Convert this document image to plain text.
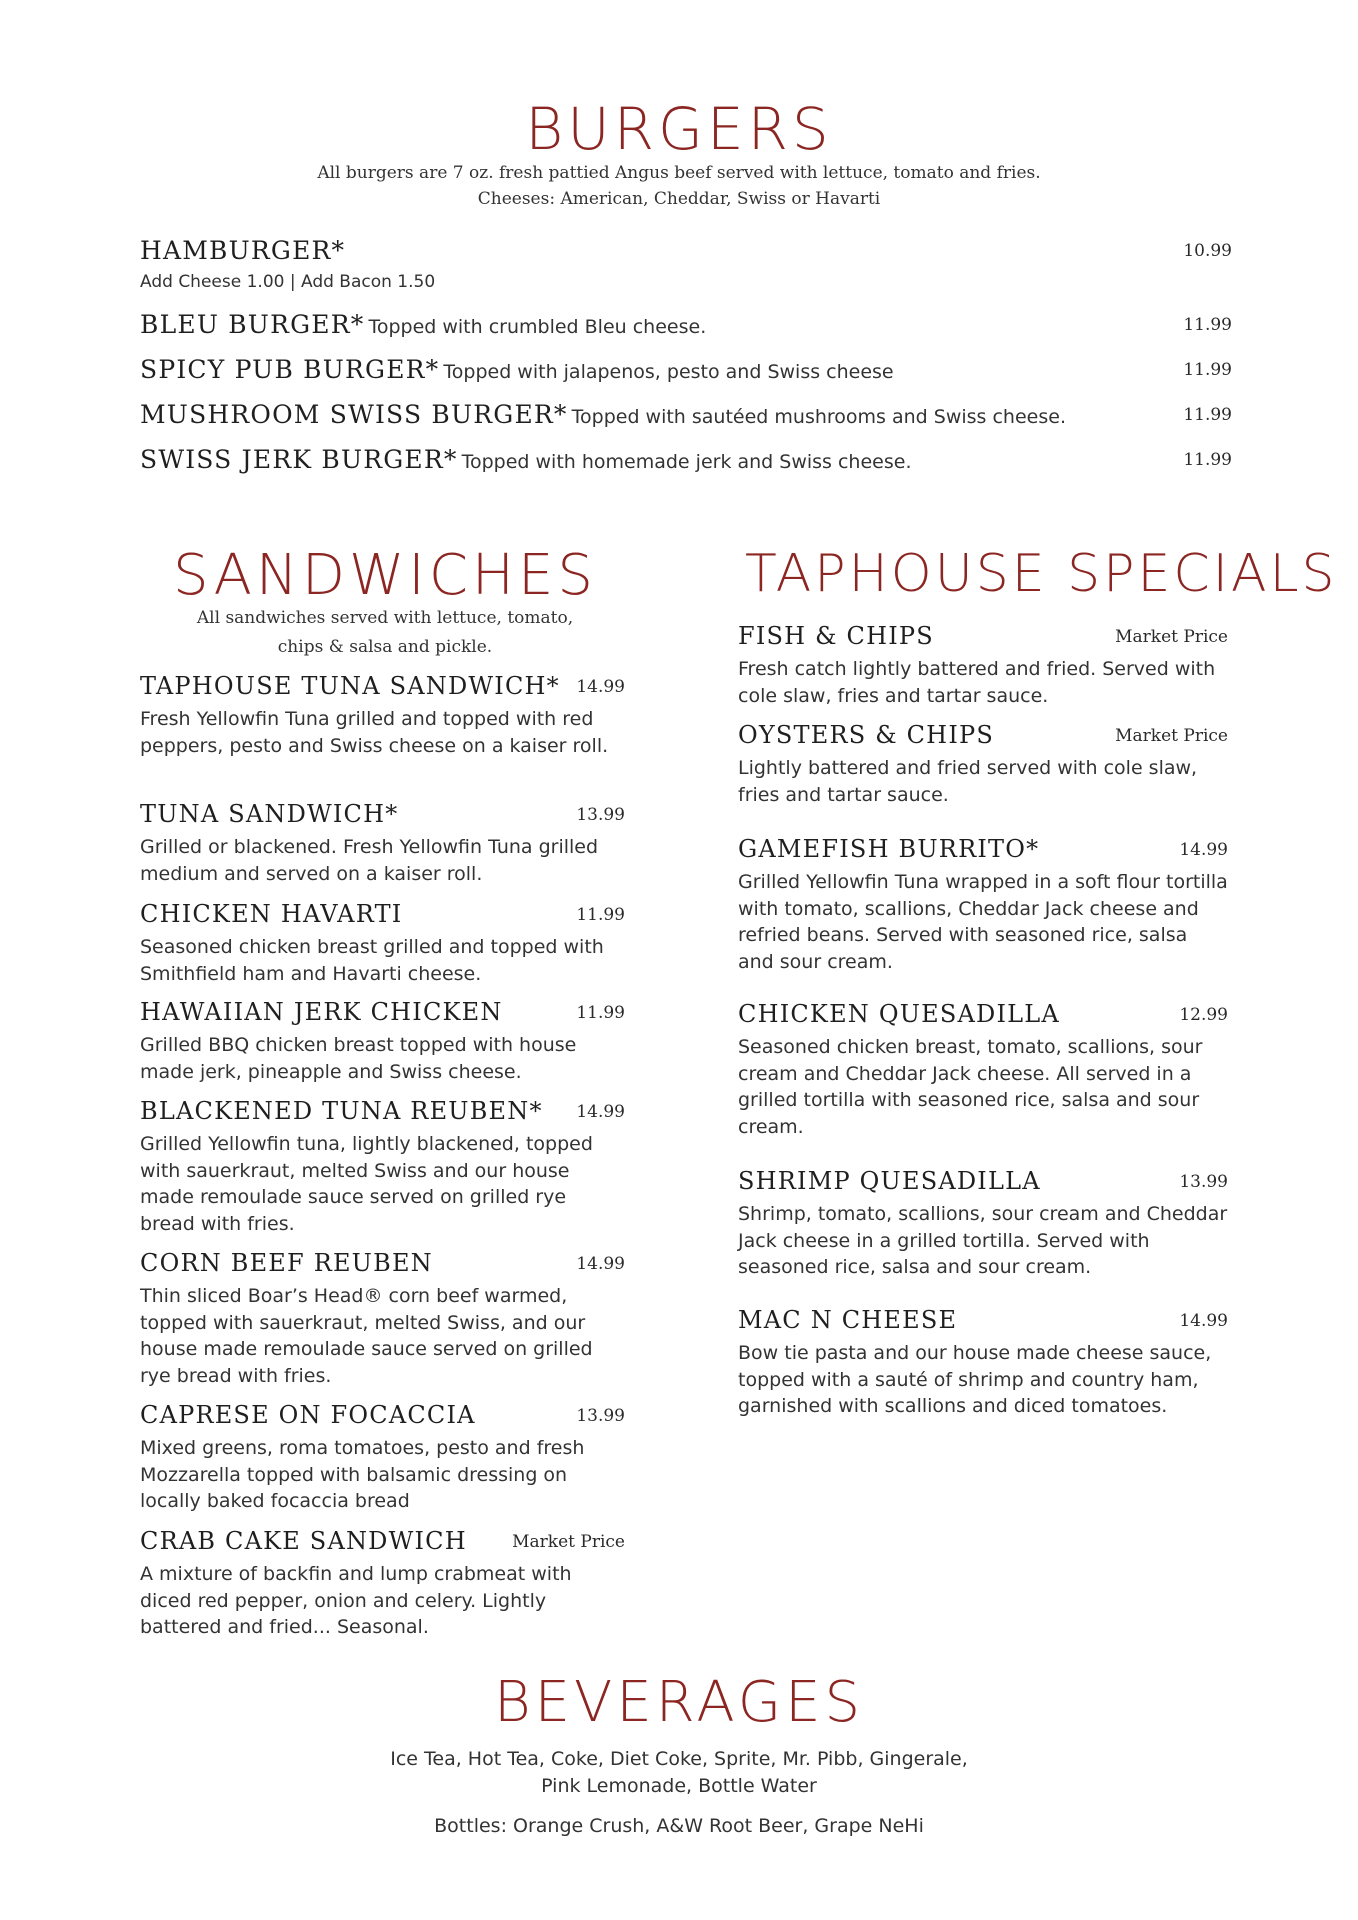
BURGERS

All burgers are 7 oz. fresh pattied Angus beef served with lettuce, tomato and fries.

Cheeses: American, Cheddar, Swiss or Havarti

HAMBURGER*	10.99
Add Cheese 1.00 | Add Bacon 1.50
BLEU BURGER* Topped with crumbled Bleu cheese.	11.99
SPICY PUB BURGER* Topped with jalapenos, pesto and Swiss cheese	11.99
MUSHROOM SWISS BURGER* Topped with sautéed mushrooms and Swiss cheese.	11.99
SWISS JERK BURGER* Topped with homemade jerk and Swiss cheese.	11.99
SANDWICHES

All sandwiches served with lettuce, tomato,

chips & salsa and pickle.

TAPHOUSE TUNA SANDWICH* 14.99

Fresh Yellowfin Tuna grilled and topped with red peppers, pesto and Swiss cheese on a kaiser roll.

TUNA SANDWICH*	13.99

Grilled or blackened. Fresh Yellowfin Tuna grilled medium and served on a kaiser roll.

CHICKEN HAVARTI	11.99

Seasoned chicken breast grilled and topped with Smithfield ham and Havarti cheese.

HAWAIIAN JERK CHICKEN	11.99

Grilled BBQ chicken breast topped with house made jerk, pineapple and Swiss cheese.

BLACKENED TUNA REUBEN* 14.99

Grilled Yellowfin tuna, lightly blackened, topped with sauerkraut, melted Swiss and our house made remoulade sauce served on grilled rye bread with fries.

CORN BEEF REUBEN	14.99

Thin sliced Boar’s Head® corn beef warmed, topped with sauerkraut, melted Swiss, and our house made remoulade sauce served on grilled rye bread with fries.

CAPRESE ON FOCACCIA	13.99

Mixed greens, roma tomatoes, pesto and fresh Mozzarella topped with balsamic dressing on locally baked focaccia bread

CRAB CAKE SANDWICH	Market Price

A mixture of backfin and lump crabmeat with diced red pepper, onion and celery. Lightly battered and fried... Seasonal.

TAPHOUSE SPECIALS
FISH & CHIPS	Market Price

Fresh catch lightly battered and fried. Served with cole slaw, fries and tartar sauce.

OYSTERS & CHIPS	Market Price

Lightly battered and fried served with cole slaw, fries and tartar sauce.

GAMEFISH BURRITO*	14.99

Grilled Yellowfin Tuna wrapped in a soft flour tortilla with tomato, scallions, Cheddar Jack cheese and refried beans. Served with seasoned rice, salsa and sour cream.

CHICKEN QUESADILLA	12.99

Seasoned chicken breast, tomato, scallions, sour cream and Cheddar Jack cheese. All served in a grilled tortilla with seasoned rice, salsa and sour cream.

SHRIMP QUESADILLA	13.99

Shrimp, tomato, scallions, sour cream and Cheddar Jack cheese in a grilled tortilla. Served with seasoned rice, salsa and sour cream.

MAC N CHEESE	14.99

Bow tie pasta and our house made cheese sauce, topped with a sauté of shrimp and country ham, garnished with scallions and diced tomatoes.

BEVERAGES

Ice Tea, Hot Tea, Coke, Diet Coke, Sprite, Mr. Pibb, Gingerale,

Pink Lemonade, Bottle Water

Bottles: Orange Crush, A&W Root Beer, Grape NeHi
